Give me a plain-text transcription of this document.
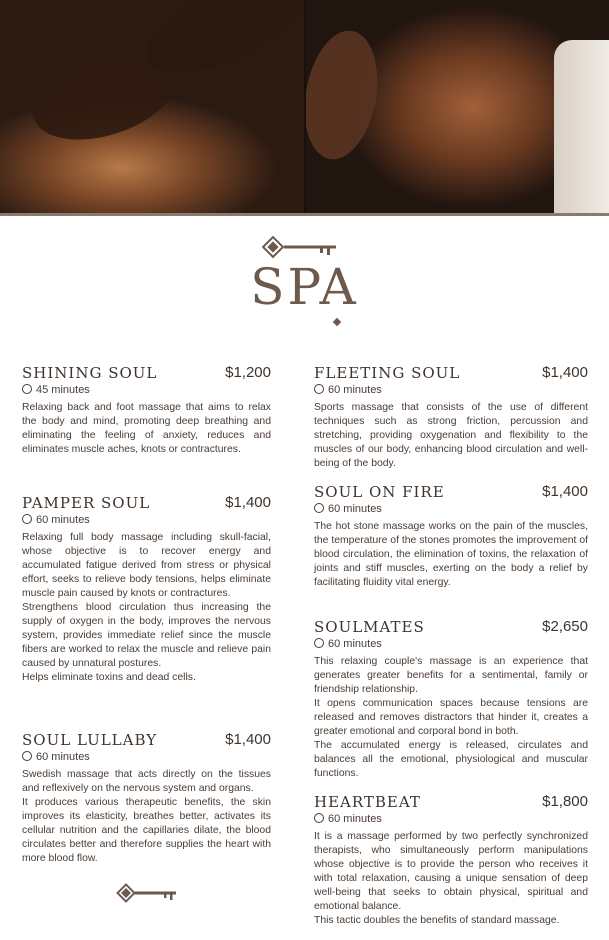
SPA
SHINING SOUL	$1,200
45 minutes

Relaxing back and foot massage that aims to relax the body and mind, promoting deep breathing and eliminating the feeling of anxiety, reduces and eliminates muscle aches, knots or contractures.

PAMPER SOUL	$1,400
60 minutes

Relaxing full body massage including skull-facial, whose objective is to recover energy and accumulated fatigue derived from stress or physical effort, seeks to relieve body tensions, helps eliminate muscle pain caused by knots or contractures.

Strengthens blood circulation thus increasing the supply of oxygen in the body, improves the nervous system, provides immediate relief since the muscle fibers are worked to relax the muscle and relieve pain caused by unnatural postures.

Helps eliminate toxins and dead cells.

SOUL LULLABY	$1,400
60 minutes

Swedish massage that acts directly on the tissues and reflexively on the nervous system and organs.

It produces various therapeutic benefits, the skin improves its elasticity, breathes better, activates its cellular nutrition and the capillaries dilate, the blood circulates better and therefore supplies the heart with more blood flow.

FLEETING SOUL	$1,400
60 minutes

Sports massage that consists of the use of different techniques such as strong friction, percussion and stretching, providing oxygenation and flexibility to the muscles of our body, enhancing blood circulation and well-being of the body.

SOUL ON FIRE	$1,400
60 minutes

The hot stone massage works on the pain of the muscles, the temperature of the stones promotes the improvement of blood circulation, the elimination of toxins, the relaxation of joints and stiff muscles, exerting on the body a relief by facilitating fluidity vital energy.

SOULMATES	$2,650
60 minutes

This relaxing couple's massage is an experience that generates greater benefits for a sentimental, family or friendship relationship.

It opens communication spaces because tensions are released and removes distractors that hinder it, creates a greater emotional and corporal bond in both.

The accumulated energy is released, circulates and balances all the emotional, physiological and muscular functions.

HEARTBEAT	$1,800
60 minutes

It is a massage performed by two perfectly synchronized therapists, who simultaneously perform manipulations whose objective is to provide the person who receives it with total relaxation, causing a unique sensation of deep well-being that seeks to obtain physical, spiritual and emotional balance.

This tactic doubles the benefits of standard massage.
